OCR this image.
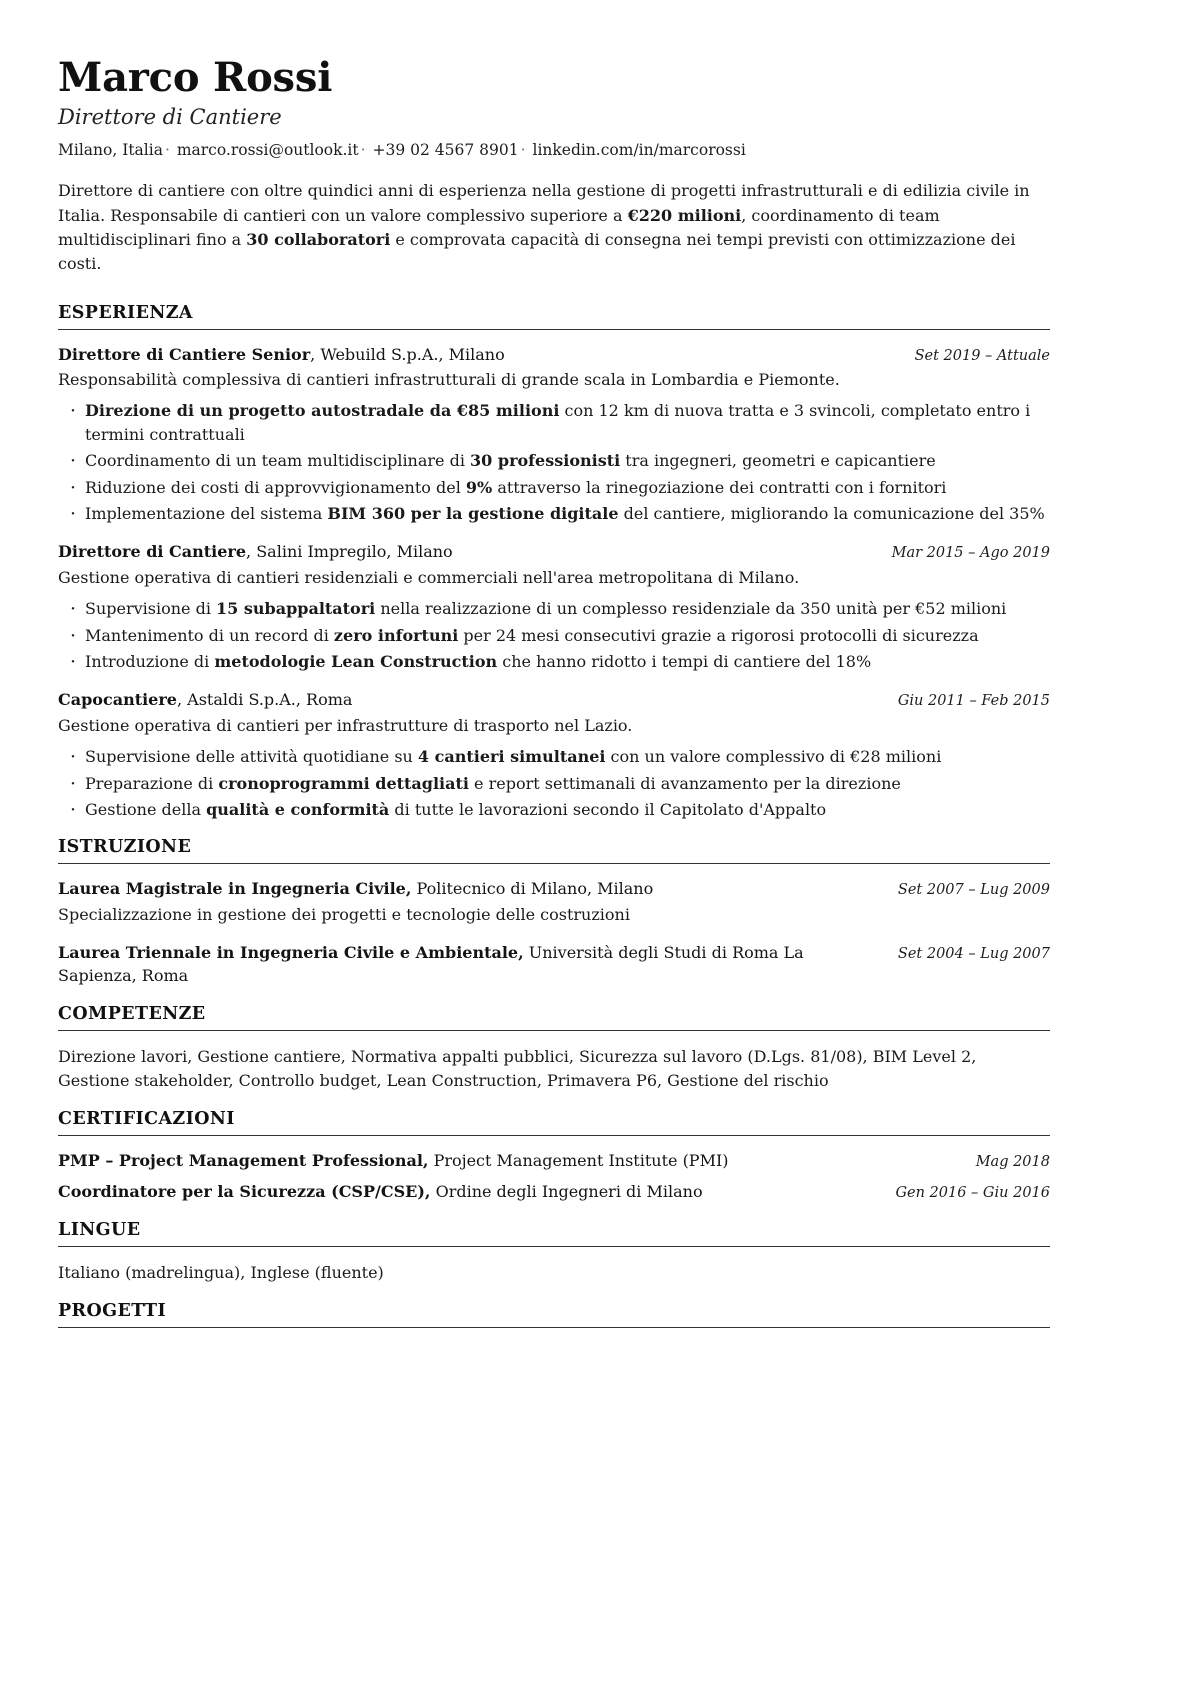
Marco Rossi
Direttore di Cantiere
Milano, Italia · marco.rossi@outlook.it · +39 02 4567 8901 · linkedin.com/in/marcorossi

Direttore di cantiere con oltre quindici anni di esperienza nella gestione di progetti infrastrutturali e di edilizia civile in Italia. Responsabile di cantieri con un valore complessivo superiore a €220 milioni, coordinamento di team multidisciplinari fino a 30 collaboratori e comprovata capacità di consegna nei tempi previsti con ottimizzazione dei costi.

ESPERIENZA
Direttore di Cantiere Senior, Webuild S.p.A., Milano	Set 2019 – Attuale
Responsabilità complessiva di cantieri infrastrutturali di grande scala in Lombardia e Piemonte.
· Direzione di un progetto autostradale da €85 milioni con 12 km di nuova tratta e 3 svincoli, completato entro i termini contrattuali
· Coordinamento di un team multidisciplinare di 30 professionisti tra ingegneri, geometri e capicantiere
· Riduzione dei costi di approvvigionamento del 9% attraverso la rinegoziazione dei contratti con i fornitori
· Implementazione del sistema BIM 360 per la gestione digitale del cantiere, migliorando la comunicazione del 35%
Direttore di Cantiere, Salini Impregilo, Milano	Mar 2015 – Ago 2019
Gestione operativa di cantieri residenziali e commerciali nell'area metropolitana di Milano.
· Supervisione di 15 subappaltatori nella realizzazione di un complesso residenziale da 350 unità per €52 milioni
· Mantenimento di un record di zero infortuni per 24 mesi consecutivi grazie a rigorosi protocolli di sicurezza
· Introduzione di metodologie Lean Construction che hanno ridotto i tempi di cantiere del 18%
Capocantiere, Astaldi S.p.A., Roma	Giu 2011 – Feb 2015
Gestione operativa di cantieri per infrastrutture di trasporto nel Lazio.
· Supervisione delle attività quotidiane su 4 cantieri simultanei con un valore complessivo di €28 milioni
· Preparazione di cronoprogrammi dettagliati e report settimanali di avanzamento per la direzione
· Gestione della qualità e conformità di tutte le lavorazioni secondo il Capitolato d'Appalto
ISTRUZIONE
Laurea Magistrale in Ingegneria Civile, Politecnico di Milano, Milano	Set 2007 – Lug 2009
Specializzazione in gestione dei progetti e tecnologie delle costruzioni
Laurea Triennale in Ingegneria Civile e Ambientale, Università degli Studi di Roma La Sapienza, Roma
Set 2004 – Lug 2007
COMPETENZE

Direzione lavori, Gestione cantiere, Normativa appalti pubblici, Sicurezza sul lavoro (D.Lgs. 81/08), BIM Level 2, Gestione stakeholder, Controllo budget, Lean Construction, Primavera P6, Gestione del rischio

CERTIFICAZIONI
PMP – Project Management Professional, Project Management Institute (PMI)	Mag 2018
Coordinatore per la Sicurezza (CSP/CSE), Ordine degli Ingegneri di Milano	Gen 2016 – Giu 2016
LINGUE

Italiano (madrelingua), Inglese (fluente)

PROGETTI
